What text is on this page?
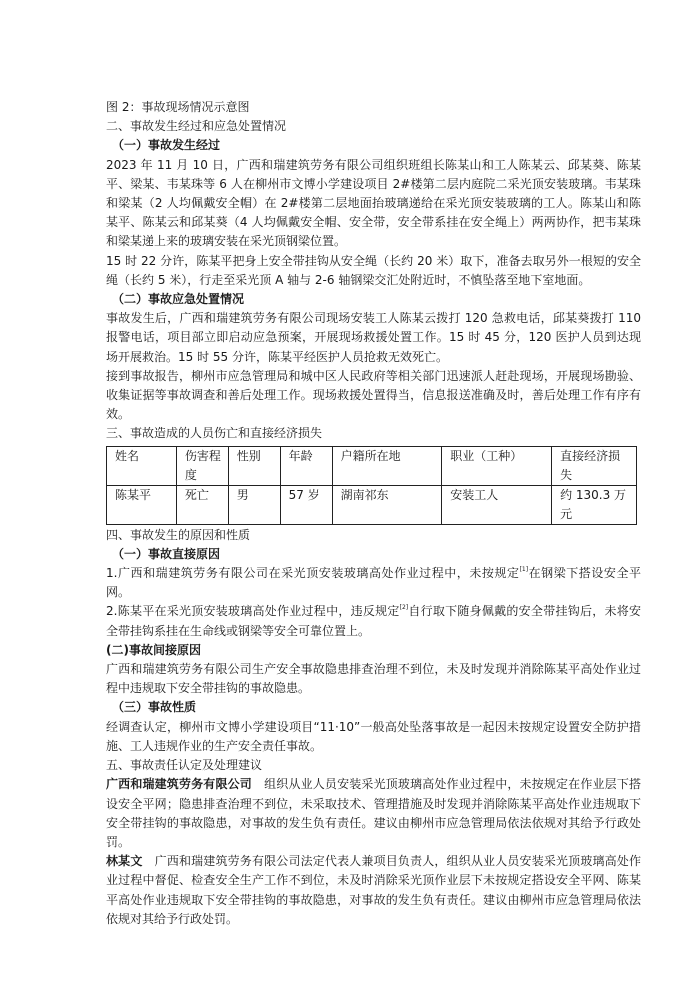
图 2：事故现场情况示意图

二、事故发生经过和应急处置情况

（一）事故发生经过

2023 年 11 月 10 日，广西和瑞建筑劳务有限公司组织班组长陈某山和工人陈某云、邱某葵、陈某平、梁某、韦某珠等 6 人在柳州市文博小学建设项目 2#楼第二层内庭院二采光顶安装玻璃。韦某珠和梁某（2 人均佩戴安全帽）在 2#楼第二层地面抬玻璃递给在采光顶安装玻璃的工人。陈某山和陈某平、陈某云和邱某葵（4 人均佩戴安全帽、安全带，安全带系挂在安全绳上）两两协作，把韦某珠和梁某递上来的玻璃安装在采光顶钢梁位置。

15 时 22 分许，陈某平把身上安全带挂钩从安全绳（长约 20 米）取下，准备去取另外一根短的安全绳（长约 5 米），行走至采光顶 A 轴与 2-6 轴钢梁交汇处附近时，不慎坠落至地下室地面。

（二）事故应急处置情况

事故发生后，广西和瑞建筑劳务有限公司现场安装工人陈某云拨打 120 急救电话，邱某葵拨打 110 报警电话，项目部立即启动应急预案，开展现场救援处置工作。15 时 45 分，120 医护人员到达现场开展救治。15 时 55 分许，陈某平经医护人员抢救无效死亡。

接到事故报告，柳州市应急管理局和城中区人民政府等相关部门迅速派人赶赴现场，开展现场勘验、收集证据等事故调查和善后处理工作。现场救援处置得当，信息报送准确及时，善后处理工作有序有效。

三、事故造成的人员伤亡和直接经济损失

姓名	伤害程度	性别	年龄	户籍所在地	职业（工种）	直接经济损失
陈某平	死亡	男	57 岁	湖南祁东	安装工人	约 130.3 万元

四、事故发生的原因和性质

（一）事故直接原因

1.广西和瑞建筑劳务有限公司在采光顶安装玻璃高处作业过程中，未按规定[1]在钢梁下搭设安全平网。

2.陈某平在采光顶安装玻璃高处作业过程中，违反规定[2]自行取下随身佩戴的安全带挂钩后，未将安全带挂钩系挂在生命线或钢梁等安全可靠位置上。

(二)事故间接原因

广西和瑞建筑劳务有限公司生产安全事故隐患排查治理不到位，未及时发现并消除陈某平高处作业过程中违规取下安全带挂钩的事故隐患。

（三）事故性质

经调查认定，柳州市文博小学建设项目“11·10”一般高处坠落事故是一起因未按规定设置安全防护措施、工人违规作业的生产安全责任事故。

五、事故责任认定及处理建议

广西和瑞建筑劳务有限公司　组织从业人员安装采光顶玻璃高处作业过程中，未按规定在作业层下搭设安全平网；隐患排查治理不到位，未采取技术、管理措施及时发现并消除陈某平高处作业违规取下安全带挂钩的事故隐患，对事故的发生负有责任。建议由柳州市应急管理局依法依规对其给予行政处罚。

林某文　广西和瑞建筑劳务有限公司法定代表人兼项目负责人，组织从业人员安装采光顶玻璃高处作业过程中督促、检查安全生产工作不到位，未及时消除采光顶作业层下未按规定搭设安全平网、陈某平高处作业违规取下安全带挂钩的事故隐患，对事故的发生负有责任。建议由柳州市应急管理局依法依规对其给予行政处罚。
